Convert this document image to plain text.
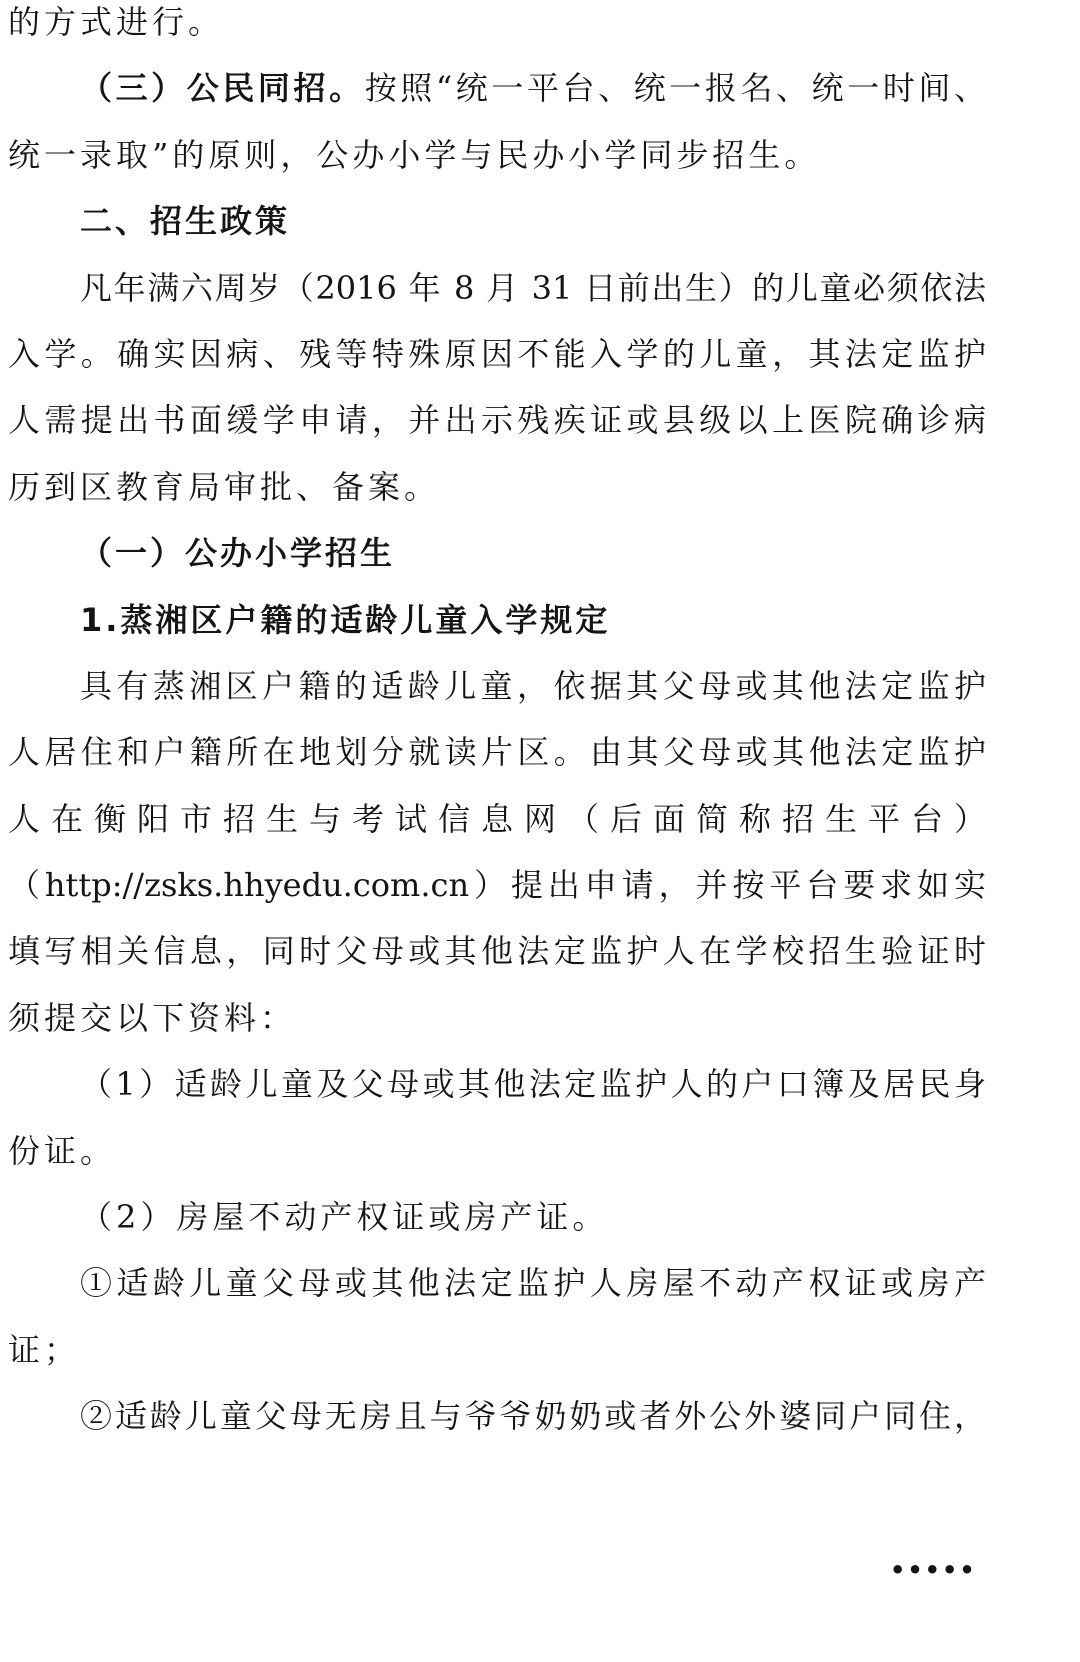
的方式进行。
（三）公民同招。按照“统一平台、统一报名、统一时间、
统一录取”的原则，公办小学与民办小学同步招生。
二、招生政策
凡年满六周岁（2016 年 8 月 31 日前出生）的儿童必须依法
入学。确实因病、残等特殊原因不能入学的儿童，其法定监护
人需提出书面缓学申请，并出示残疾证或县级以上医院确诊病
历到区教育局审批、备案。
（一）公办小学招生
1.蒸湘区户籍的适龄儿童入学规定
具有蒸湘区户籍的适龄儿童，依据其父母或其他法定监护
人居住和户籍所在地划分就读片区。由其父母或其他法定监护
人在衡阳市招生与考试信息网（后面简称招生平台）
（http://zsks.hhyedu.com.cn）提出申请，并按平台要求如实
填写相关信息，同时父母或其他法定监护人在学校招生验证时
须提交以下资料：
（1）适龄儿童及父母或其他法定监护人的户口簿及居民身
份证。
（2）房屋不动产权证或房产证。
①适龄儿童父母或其他法定监护人房屋不动产权证或房产
证；
②适龄儿童父母无房且与爷爷奶奶或者外公外婆同户同住，
•••••
